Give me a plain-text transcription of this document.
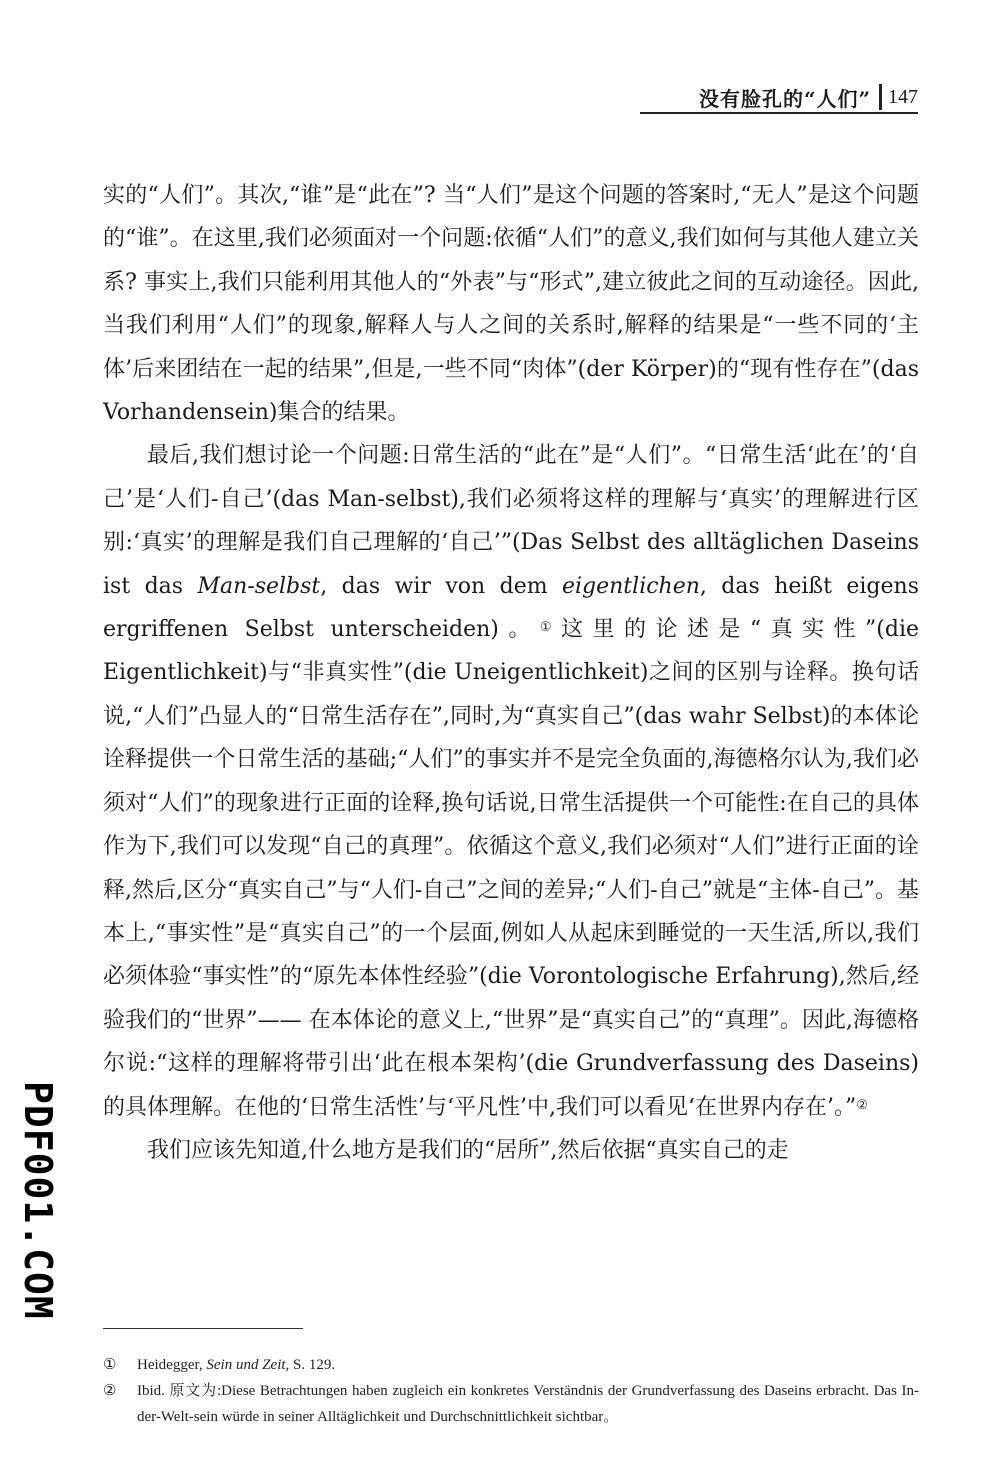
没有脸孔的“人们” 147

实的“人们”。其次,“谁”是“此在”? 当“人们”是这个问题的答案时,“无人”是这个问题的“谁”。在这里,我们必须面对一个问题:依循“人们”的意义,我们如何与其他人建立关系? 事实上,我们只能利用其他人的“外表”与“形式”,建立彼此之间的互动途径。因此,当我们利用“人们”的现象,解释人与人之间的关系时,解释的结果是“一些不同的‘主体’后来团结在一起的结果”,但是,一些不同“肉体”(der Körper)的“现有性存在”(das Vorhandensein)集合的结果。

最后,我们想讨论一个问题:日常生活的“此在”是“人们”。“日常生活‘此在’的‘自己’是‘人们-自己’(das Man-selbst),我们必须将这样的理解与‘真实’的理解进行区别:‘真实’的理解是我们自己理解的‘自己’”(Das Selbst des alltäglichen Daseins ist das Man-selbst, das wir von dem eigentlichen, das heißt eigens ergriffenen Selbst unterscheiden)。①这里的论述是“真实性”(die Eigentlichkeit)与“非真实性”(die Uneigentlichkeit)之间的区别与诠释。换句话说,“人们”凸显人的“日常生活存在”,同时,为“真实自己”(das wahr Selbst)的本体论诠释提供一个日常生活的基础;“人们”的事实并不是完全负面的,海德格尔认为,我们必须对“人们”的现象进行正面的诠释,换句话说,日常生活提供一个可能性:在自己的具体作为下,我们可以发现“自己的真理”。依循这个意义,我们必须对“人们”进行正面的诠释,然后,区分“真实自己”与“人们-自己”之间的差异;“人们-自己”就是“主体-自己”。基本上,“事实性”是“真实自己”的一个层面,例如人从起床到睡觉的一天生活,所以,我们必须体验“事实性”的“原先本体性经验”(die Vorontologische Erfahrung),然后,经验我们的“世界”—— 在本体论的意义上,“世界”是“真实自己”的“真理”。因此,海德格尔说:“这样的理解将带引出‘此在根本架构’(die Grundverfassung des Daseins)的具体理解。在他的‘日常生活性’与‘平凡性’中,我们可以看见‘在世界内存在’。”②

我们应该先知道,什么地方是我们的“居所”,然后依据“真实自己的走

①	Heidegger, Sein und Zeit, S. 129.
②	Ibid. 原文为:Diese Betrachtungen haben zugleich ein konkretes Verständnis der Grundverfassung des Daseins erbracht. Das In-der-Welt-sein würde in seiner Alltäglichkeit und Durchschnittlichkeit sichtbar。
PDF001.COM
